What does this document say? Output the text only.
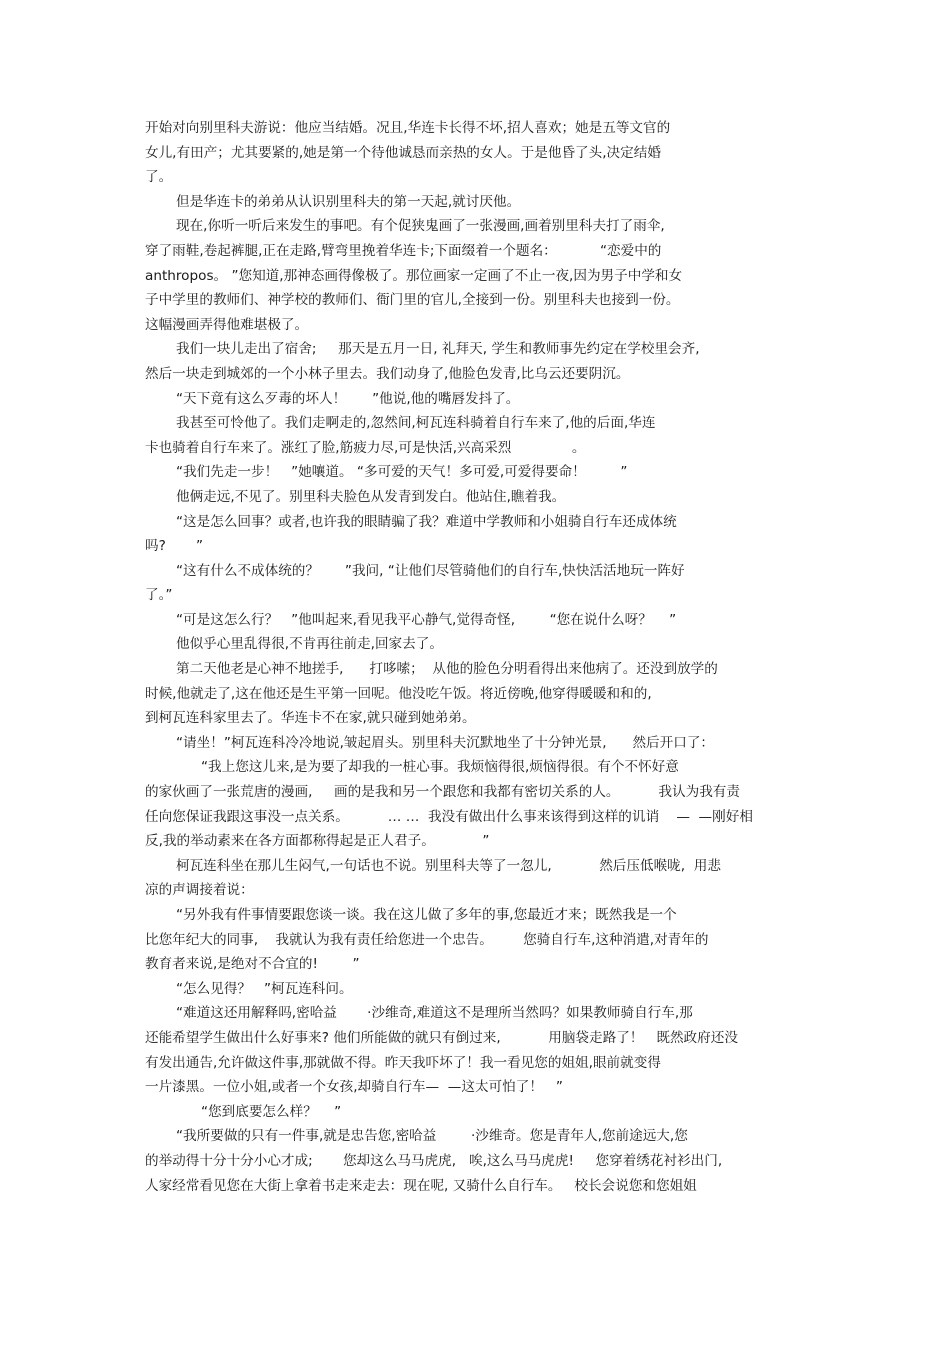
开始对向别里科夫游说：他应当结婚。况且,华连卡长得不坏,招人喜欢；她是五等文官的
女儿,有田产；尤其要紧的,她是第一个待他诚恳而亲热的女人。于是他昏了头,决定结婚
了。
但是华连卡的弟弟从认识别里科夫的第一天起,就讨厌他。
现在,你听一听后来发生的事吧。有个促狭鬼画了一张漫画,画着别里科夫打了雨伞,
穿了雨鞋,卷起裤腿,正在走路,臂弯里挽着华连卡;下面缀着一个题名：          “恋爱中的
anthropos。 ”您知道,那神态画得像极了。那位画家一定画了不止一夜,因为男子中学和女
子中学里的教师们、神学校的教师们、衙门里的官儿,全接到一份。别里科夫也接到一份。
这幅漫画弄得他难堪极了。
我们一块儿走出了宿舍;     那天是五月一日, 礼拜天, 学生和教师事先约定在学校里会齐,
然后一块走到城郊的一个小林子里去。我们动身了,他脸色发青,比乌云还要阴沉。
“天下竟有这么歹毒的坏人！      ”他说,他的嘴唇发抖了。
我甚至可怜他了。我们走啊走的,忽然间,柯瓦连科骑着自行车来了,他的后面,华连
卡也骑着自行车来了。涨红了脸,筋疲力尽,可是快活,兴高采烈              。
“我们先走一步！   ”她嚷道。 “多可爱的天气！多可爱,可爱得要命！        ”
他俩走远,不见了。别里科夫脸色从发青到发白。他站住,瞧着我。
“这是怎么回事？或者,也许我的眼睛骗了我？难道中学教师和小姐骑自行车还成体统
吗?       ”
“这有什么不成体统的？      ”我问, “让他们尽管骑他们的自行车,快快活活地玩一阵好
了。”
“可是这怎么行？   ”他叫起来,看见我平心静气,觉得奇怪,        “您在说什么呀？    ”
他似乎心里乱得很,不肯再往前走,回家去了。
第二天他老是心神不地搓手,      打哆嗦；  从他的脸色分明看得出来他病了。还没到放学的
时候,他就走了,这在他还是生平第一回呢。他没吃午饭。将近傍晚,他穿得暖暖和和的,
到柯瓦连科家里去了。华连卡不在家,就只碰到她弟弟。
“请坐！”柯瓦连科冷冷地说,皱起眉头。别里科夫沉默地坐了十分钟光景,      然后开口了：
“我上您这儿来,是为要了却我的一桩心事。我烦恼得很,烦恼得很。有个不怀好意
的家伙画了一张荒唐的漫画,     画的是我和另一个跟您和我都有密切关系的人。         我认为我有责
任向您保证我跟这事没一点关系。         … …  我没有做出什么事来该得到这样的讥诮    —  —刚好相
反,我的举动素来在各方面都称得起是正人君子。           ”
柯瓦连科坐在那儿生闷气,一句话也不说。别里科夫等了一忽儿,           然后压低喉咙,  用悲
凉的声调接着说：
“另外我有件事情要跟您谈一谈。我在这儿做了多年的事,您最近才来；既然我是一个
比您年纪大的同事,    我就认为我有责任给您进一个忠告。       您骑自行车,这种消遣,对青年的
教育者来说,是绝对不合宜的!        ”
“怎么见得？   ”柯瓦连科问。
“难道这还用解释吗,密哈益       ·沙维奇,难道这不是理所当然吗？如果教师骑自行车,那
还能希望学生做出什么好事来? 他们所能做的就只有倒过来,           用脑袋走路了！   既然政府还没
有发出通告,允许做这件事,那就做不得。昨天我吓坏了！我一看见您的姐姐,眼前就变得
一片漆黑。一位小姐,或者一个女孩,却骑自行车—  —这太可怕了！   ”
“您到底要怎么样？    ”
“我所要做的只有一件事,就是忠告您,密哈益        ·沙维奇。您是青年人,您前途远大,您
的举动得十分十分小心才成;       您却这么马马虎虎,   唉,这么马马虎虎!     您穿着绣花衬衫出门,
人家经常看见您在大街上拿着书走来走去：现在呢, 又骑什么自行车。   校长会说您和您姐姐
